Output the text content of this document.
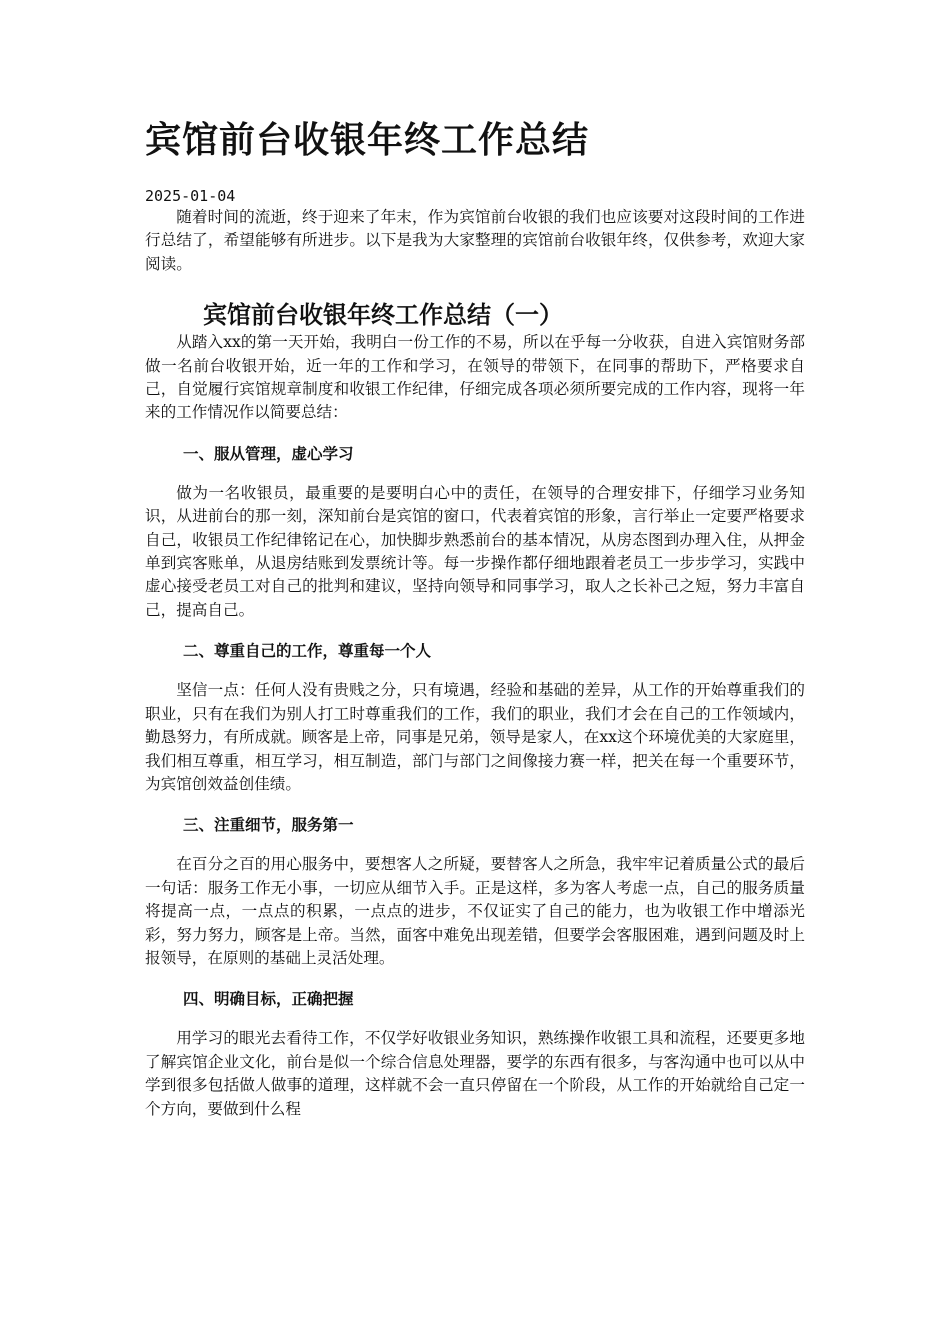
宾馆前台收银年终工作总结
2025-01-04

随着时间的流逝，终于迎来了年末，作为宾馆前台收银的我们也应该要对这段时间的工作进行总结了，希望能够有所进步。以下是我为大家整理的宾馆前台收银年终，仅供参考，欢迎大家阅读。

宾馆前台收银年终工作总结（一）

从踏入xx的第一天开始，我明白一份工作的不易，所以在乎每一分收获，自进入宾馆财务部做一名前台收银开始，近一年的工作和学习，在领导的带领下，在同事的帮助下，严格要求自己，自觉履行宾馆规章制度和收银工作纪律，仔细完成各项必须所要完成的工作内容，现将一年来的工作情况作以简要总结：

一、服从管理，虚心学习

做为一名收银员，最重要的是要明白心中的责任，在领导的合理安排下，仔细学习业务知识，从进前台的那一刻，深知前台是宾馆的窗口，代表着宾馆的形象，言行举止一定要严格要求自己，收银员工作纪律铭记在心，加快脚步熟悉前台的基本情况，从房态图到办理入住，从押金单到宾客账单，从退房结账到发票统计等。每一步操作都仔细地跟着老员工一步步学习，实践中虚心接受老员工对自己的批判和建议，坚持向领导和同事学习，取人之长补己之短，努力丰富自己，提高自己。

二、尊重自己的工作，尊重每一个人

坚信一点：任何人没有贵贱之分，只有境遇，经验和基础的差异，从工作的开始尊重我们的职业，只有在我们为别人打工时尊重我们的工作，我们的职业，我们才会在自己的工作领域内，勤恳努力，有所成就。顾客是上帝，同事是兄弟，领导是家人，在xx这个环境优美的大家庭里，我们相互尊重，相互学习，相互制造，部门与部门之间像接力赛一样，把关在每一个重要环节，为宾馆创效益创佳绩。

三、注重细节，服务第一

在百分之百的用心服务中，要想客人之所疑，要替客人之所急，我牢牢记着质量公式的最后一句话：服务工作无小事，一切应从细节入手。正是这样，多为客人考虑一点，自己的服务质量将提高一点，一点点的积累，一点点的进步，不仅证实了自己的能力，也为收银工作中增添光彩，努力努力，顾客是上帝。当然，面客中难免出现差错，但要学会客服困难，遇到问题及时上报领导，在原则的基础上灵活处理。

四、明确目标，正确把握

用学习的眼光去看待工作，不仅学好收银业务知识，熟练操作收银工具和流程，还要更多地了解宾馆企业文化，前台是似一个综合信息处理器，要学的东西有很多，与客沟通中也可以从中学到很多包括做人做事的道理，这样就不会一直只停留在一个阶段，从工作的开始就给自己定一个方向，要做到什么程
